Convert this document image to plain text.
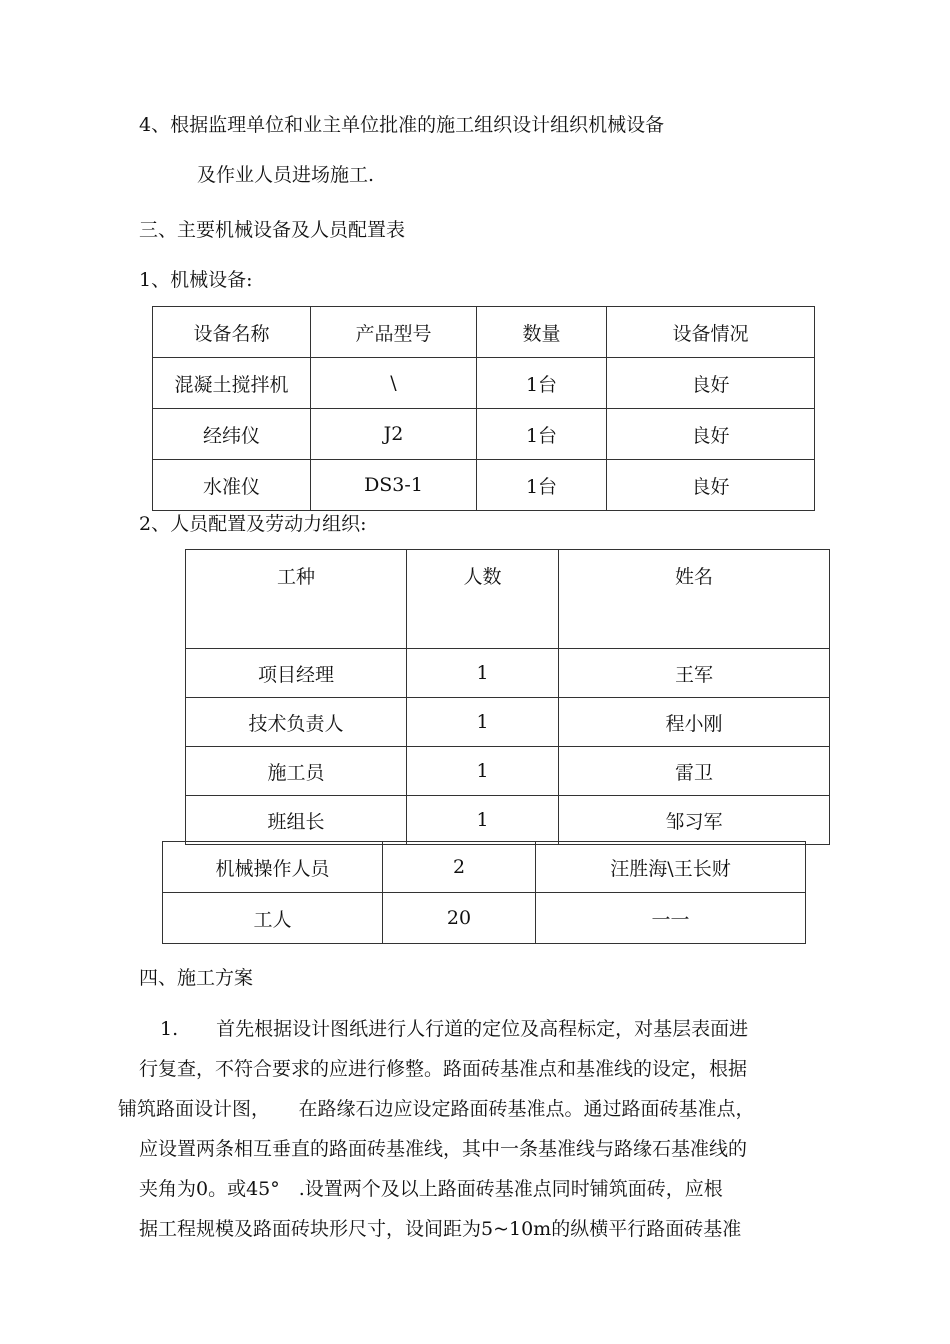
4、根据监理单位和业主单位批准的施工组织设计组织机械设备
及作业人员进场施工.
三、主要机械设备及人员配置表
1、机械设备:
设备名称	产品型号	数量	设备情况
混凝土搅拌机	\	1台	良好
经纬仪	J2	1台	良好
水准仪	DS3-1	1台	良好
2、人员配置及劳动力组织:
工种	人数	姓名
项目经理	1	王军
技术负责人	1	程小刚
施工员	1	雷卫
班组长	1	邹习军
机械操作人员	2	汪胜海\王长财
工人	20	一一
四、施工方案
1.　　首先根据设计图纸进行人行道的定位及高程标定，对基层表面进
行复查，不符合要求的应进行修整。路面砖基准点和基准线的设定，根据
铺筑路面设计图，　　在路缘石边应设定路面砖基准点。通过路面砖基准点，
应设置两条相互垂直的路面砖基准线，其中一条基准线与路缘石基准线的
夹角为0。或45°　.设置两个及以上路面砖基准点同时铺筑面砖，应根
据工程规模及路面砖块形尺寸，设间距为5~10m的纵横平行路面砖基准
